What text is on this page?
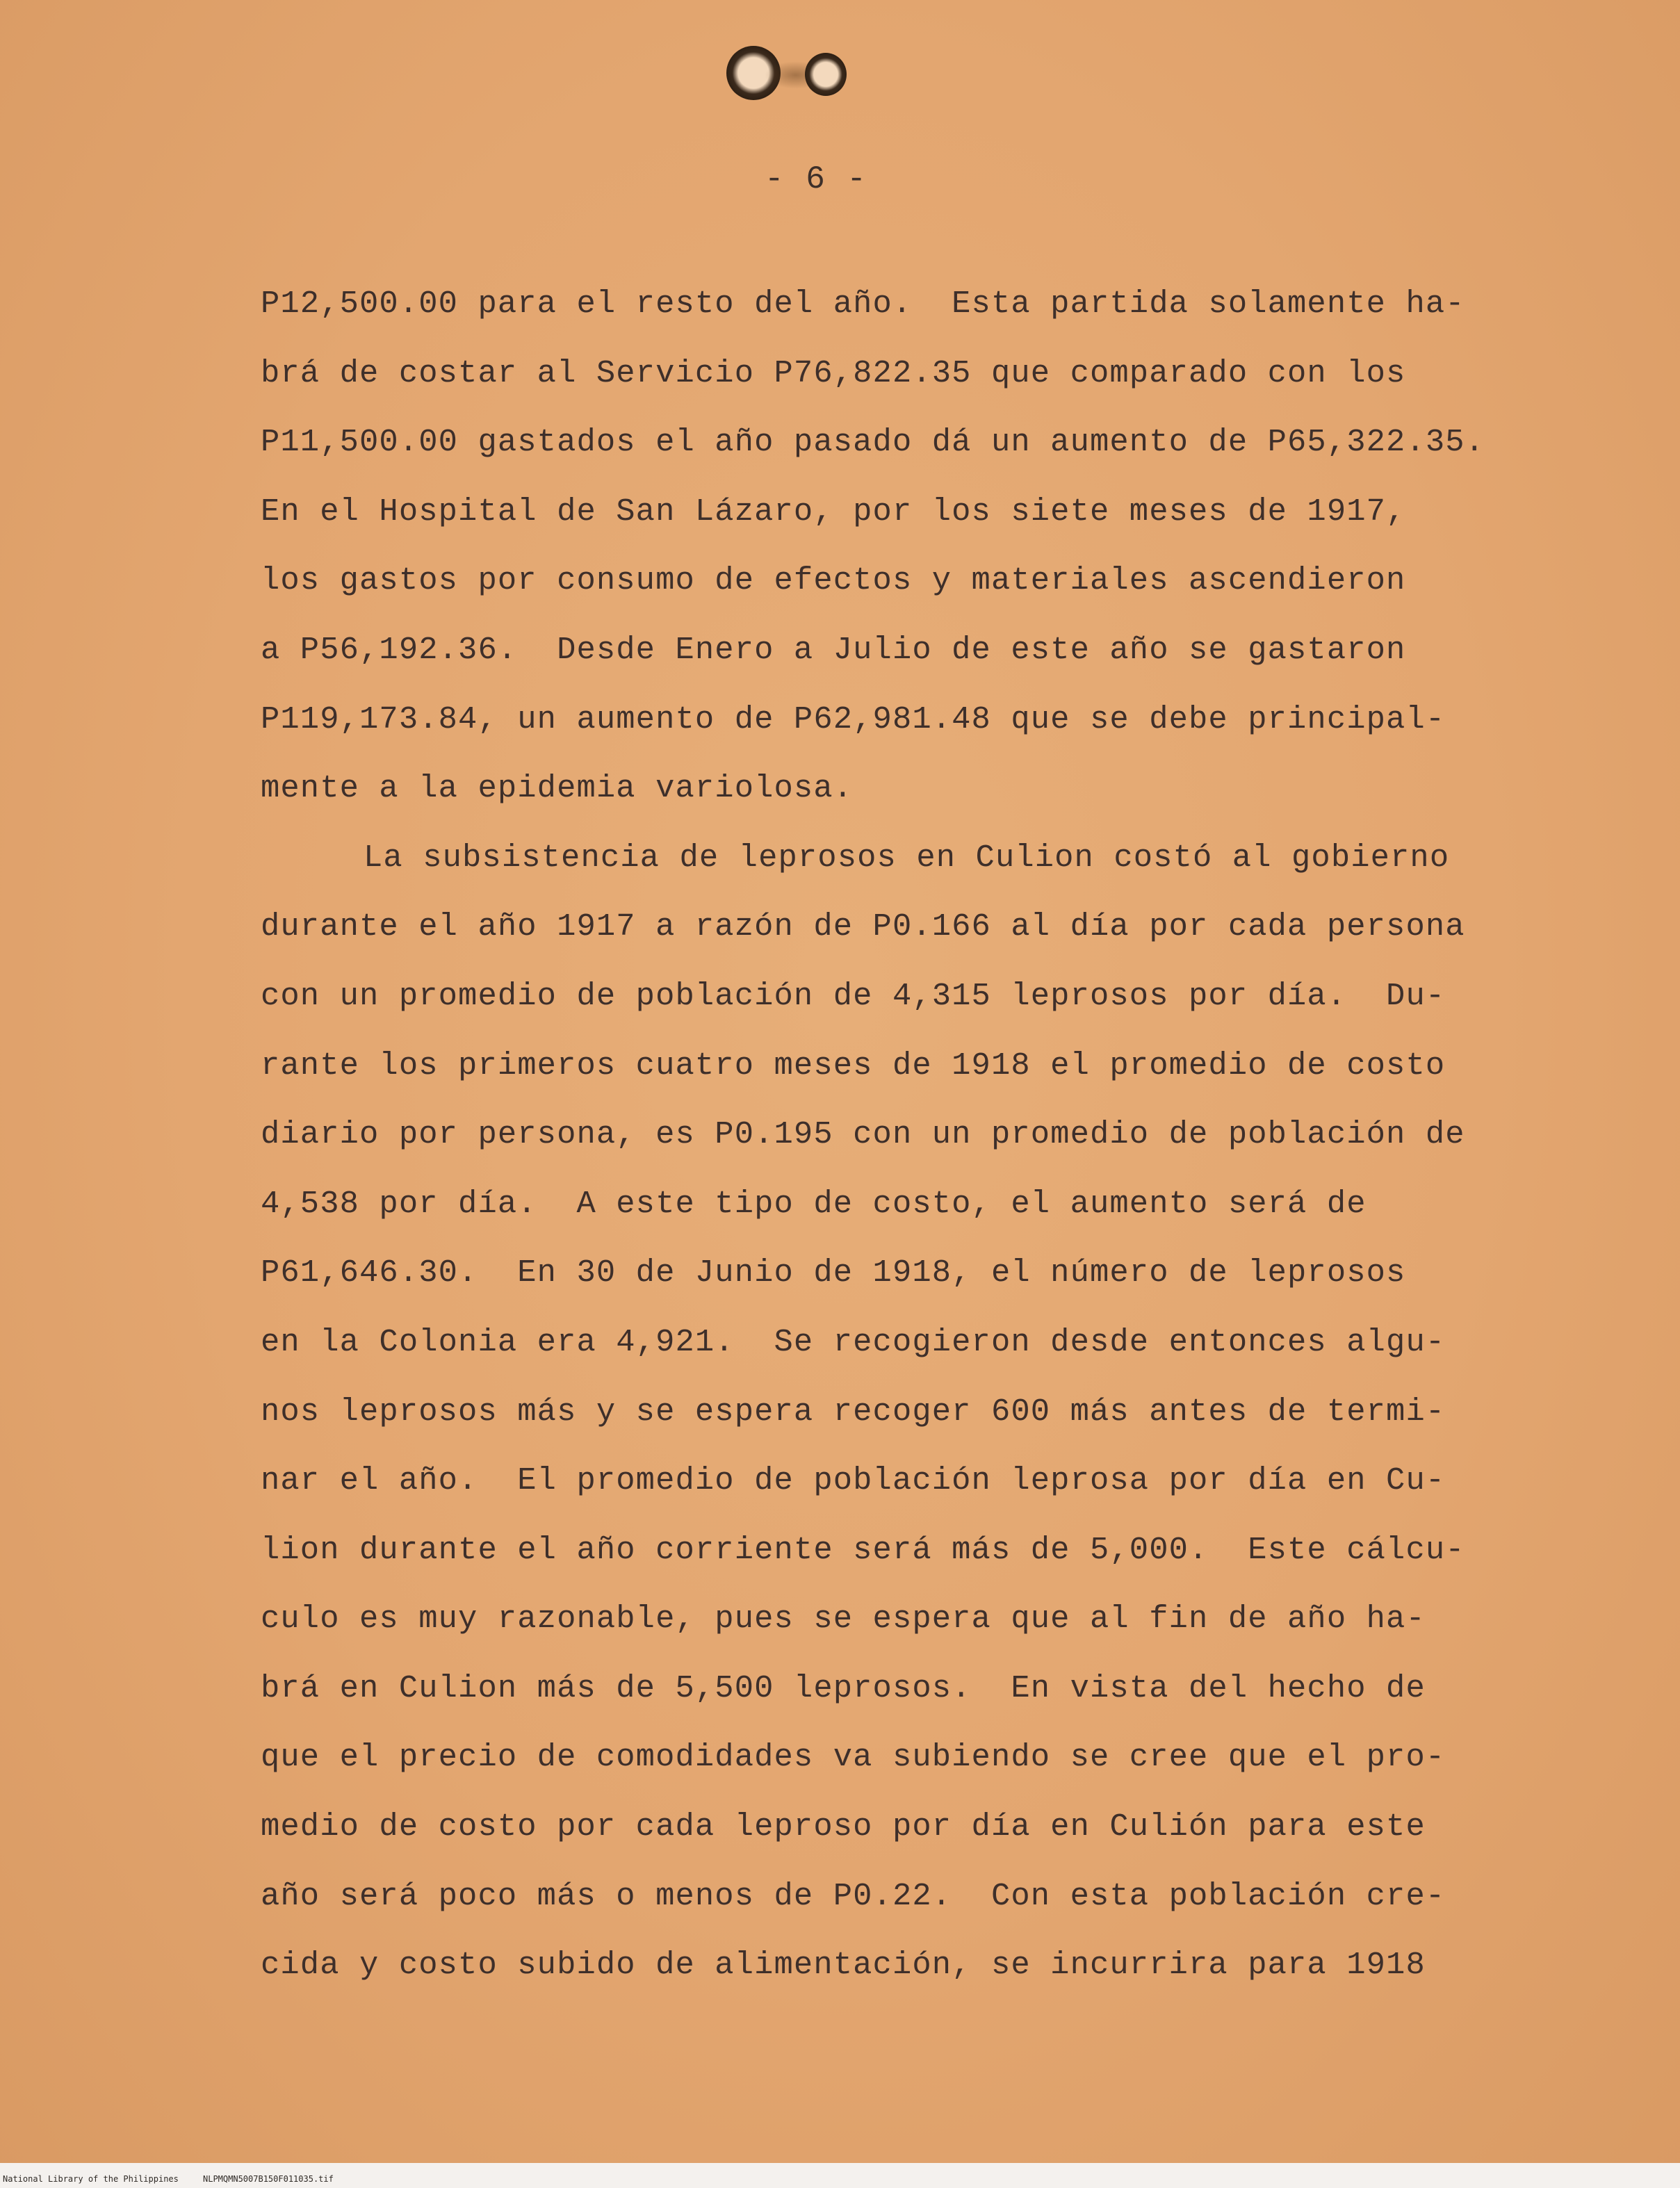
- 6 -
P12,500.00 para el resto del año.  Esta partida solamente ha-
brá de costar al Servicio P76,822.35 que comparado con los
P11,500.00 gastados el año pasado dá un aumento de P65,322.35.
En el Hospital de San Lázaro, por los siete meses de 1917,
los gastos por consumo de efectos y materiales ascendieron
a P56,192.36.  Desde Enero a Julio de este año se gastaron
P119,173.84, un aumento de P62,981.48 que se debe principal-
mente a la epidemia variolosa.
La subsistencia de leprosos en Culion costó al gobierno
durante el año 1917 a razón de P0.166 al día por cada persona
con un promedio de población de 4,315 leprosos por día.  Du-
rante los primeros cuatro meses de 1918 el promedio de costo
diario por persona, es P0.195 con un promedio de población de
4,538 por día.  A este tipo de costo, el aumento será de
P61,646.30.  En 30 de Junio de 1918, el número de leprosos
en la Colonia era 4,921.  Se recogieron desde entonces algu-
nos leprosos más y se espera recoger 600 más antes de termi-
nar el año.  El promedio de población leprosa por día en Cu-
lion durante el año corriente será más de 5,000.  Este cálcu-
culo es muy razonable, pues se espera que al fin de año ha-
brá en Culion más de 5,500 leprosos.  En vista del hecho de
que el precio de comodidades va subiendo se cree que el pro-
medio de costo por cada leproso por día en Culión para este
año será poco más o menos de P0.22.  Con esta población cre-
cida y costo subido de alimentación, se incurrira para 1918
National Library of the Philippines	NLPMQMN5007B150F011035.tif
